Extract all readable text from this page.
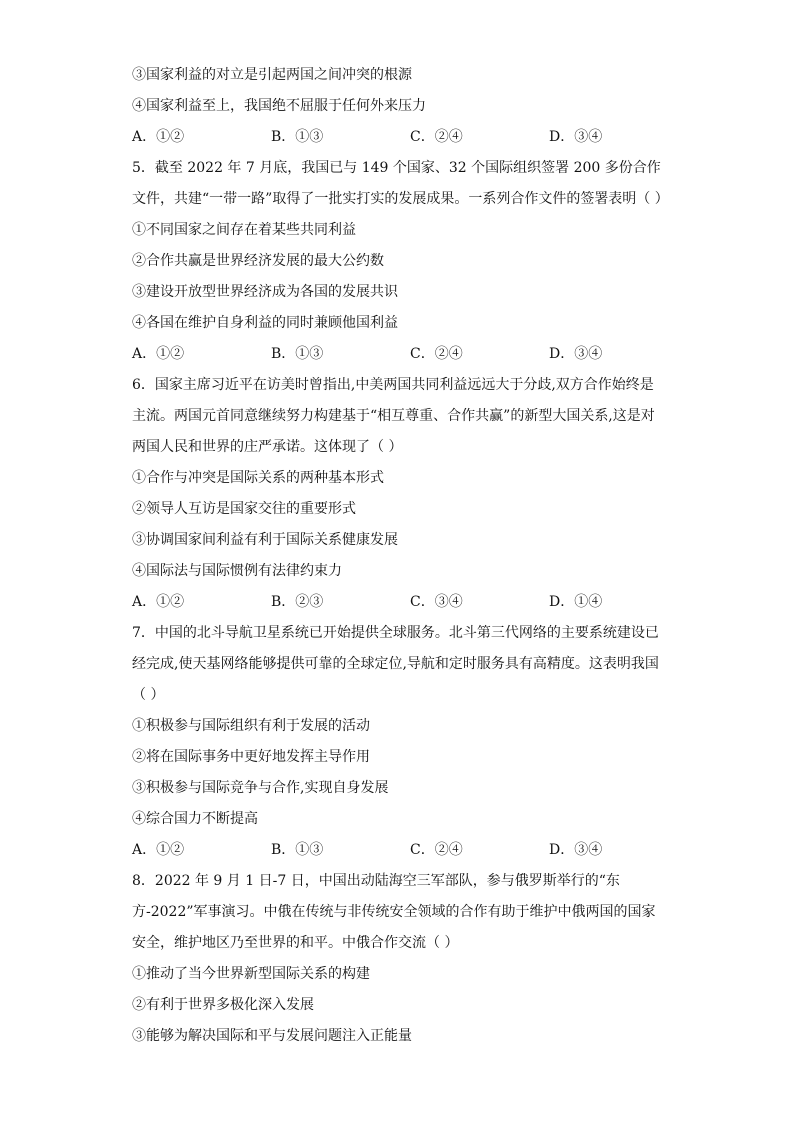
③国家利益的对立是引起两国之间冲突的根源
④国家利益至上，我国绝不屈服于任何外来压力
A．①②	B．①③	C．②④	D．③④
5．截至 2022 年 7 月底，我国已与 149 个国家、32 个国际组织签署 200 多份合作文件，共建“一带一路”取得了一批实打实的发展成果。一系列合作文件的签署表明（ ）
①不同国家之间存在着某些共同利益
②合作共赢是世界经济发展的最大公约数
③建设开放型世界经济成为各国的发展共识
④各国在维护自身利益的同时兼顾他国利益
A．①②	B．①③	C．②④	D．③④
6．国家主席习近平在访美时曾指出,中美两国共同利益远远大于分歧,双方合作始终是主流。两国元首同意继续努力构建基于“相互尊重、合作共赢”的新型大国关系,这是对两国人民和世界的庄严承诺。这体现了（ ）
①合作与冲突是国际关系的两种基本形式
②领导人互访是国家交往的重要形式
③协调国家间利益有利于国际关系健康发展
④国际法与国际惯例有法律约束力
A．①②	B．②③	C．③④	D．①④
7．中国的北斗导航卫星系统已开始提供全球服务。北斗第三代网络的主要系统建设已经完成,使天基网络能够提供可靠的全球定位,导航和定时服务具有高精度。这表明我国（ ）
①积极参与国际组织有利于发展的活动
②将在国际事务中更好地发挥主导作用
③积极参与国际竞争与合作,实现自身发展
④综合国力不断提高
A．①②	B．①③	C．②④	D．③④
8．2022 年 9 月 1 日-7 日，中国出动陆海空三军部队，参与俄罗斯举行的“东方-2022”军事演习。中俄在传统与非传统安全领域的合作有助于维护中俄两国的国家安全，维护地区乃至世界的和平。中俄合作交流（ ）
①推动了当今世界新型国际关系的构建
②有利于世界多极化深入发展
③能够为解决国际和平与发展问题注入正能量
